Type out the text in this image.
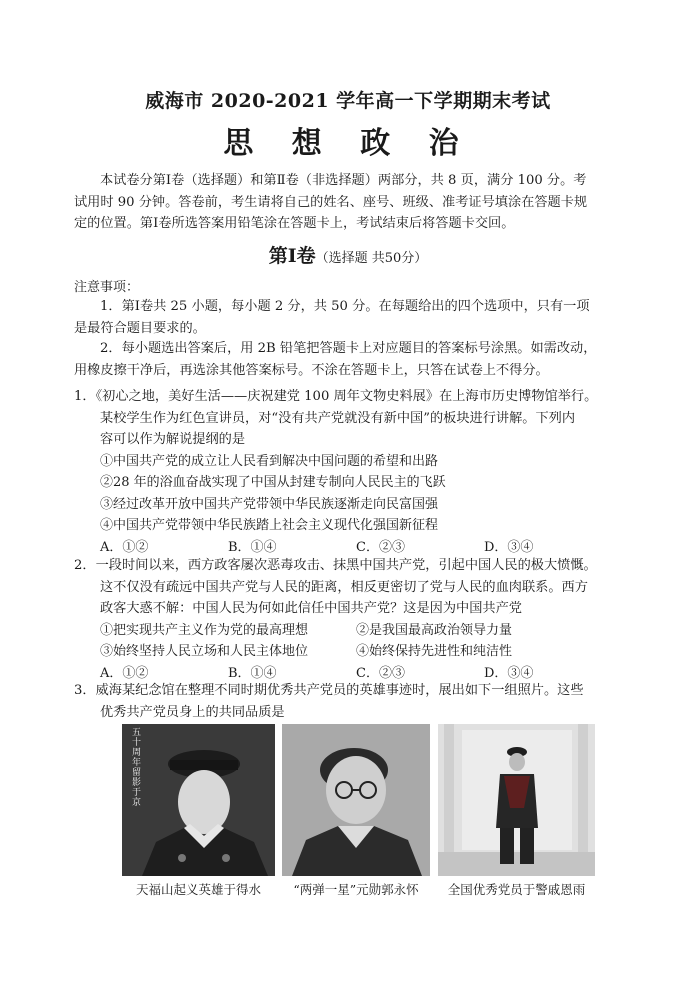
威海市 2020-2021 学年高一下学期期末考试
思 想 政 治
本试卷分第Ⅰ卷（选择题）和第Ⅱ卷（非选择题）两部分，共 8 页，满分 100 分。考
试用时 90 分钟。答卷前，考生请将自己的姓名、座号、班级、准考证号填涂在答题卡规
定的位置。第Ⅰ卷所选答案用铅笔涂在答题卡上，考试结束后将答题卡交回。
第Ⅰ卷（选择题 共50分）
注意事项：
1．第Ⅰ卷共 25 小题，每小题 2 分，共 50 分。在每题给出的四个选项中，只有一项
是最符合题目要求的。
2．每小题选出答案后，用 2B 铅笔把答题卡上对应题目的答案标号涂黑。如需改动，
用橡皮擦干净后，再选涂其他答案标号。不涂在答题卡上，只答在试卷上不得分。
1．《初心之地，美好生活——庆祝建党 100 周年文物史料展》在上海市历史博物馆举行。
某校学生作为红色宣讲员，对“没有共产党就没有新中国”的板块进行讲解。下列内
容可以作为解说提纲的是
①中国共产党的成立让人民看到解决中国问题的希望和出路
②28 年的浴血奋战实现了中国从封建专制向人民民主的飞跃
③经过改革开放中国共产党带领中华民族逐渐走向民富国强
④中国共产党带领中华民族踏上社会主义现代化强国新征程
A．①②	B．①④	C．②③	D．③④
2．一段时间以来，西方政客屡次恶毒攻击、抹黑中国共产党，引起中国人民的极大愤慨。
这不仅没有疏远中国共产党与人民的距离，相反更密切了党与人民的血肉联系。西方
政客大惑不解：中国人民为何如此信任中国共产党？这是因为中国共产党
①把实现共产主义作为党的最高理想	②是我国最高政治领导力量
③始终坚持人民立场和人民主体地位	④始终保持先进性和纯洁性
A．①②	B．①④	C．②③	D．③④
3．威海某纪念馆在整理不同时期优秀共产党员的英雄事迹时，展出如下一组照片。这些
优秀共产党员身上的共同品质是
五十周年留影于京
天福山起义英雄于得水	“两弹一星”元勋郭永怀	全国优秀党员于警戚恩雨
